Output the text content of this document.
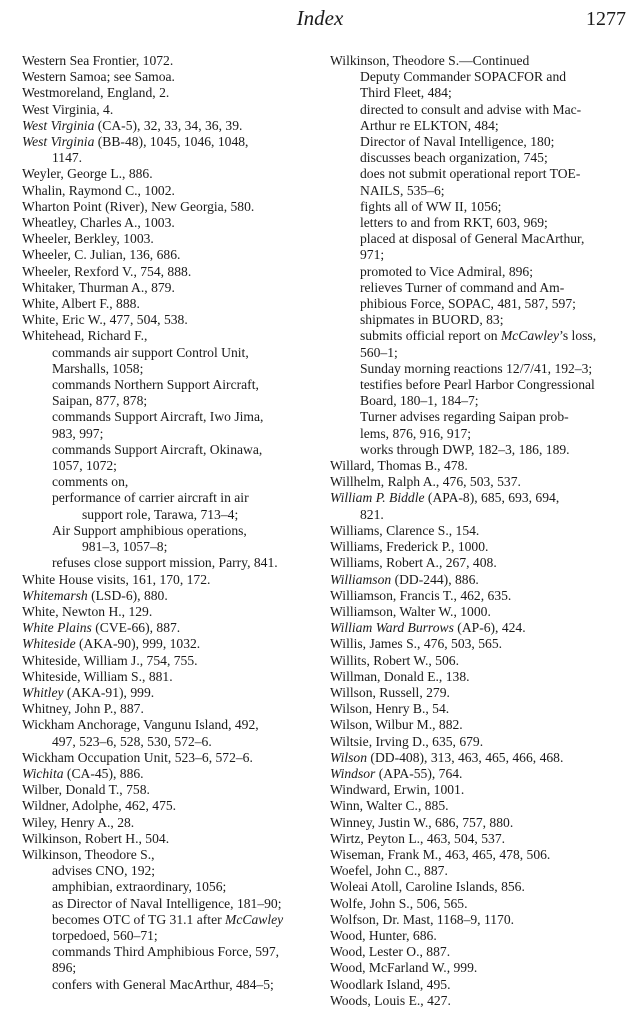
Index	1277
Western Sea Frontier, 1072.
Western Samoa; see Samoa.
Westmoreland, England, 2.
West Virginia, 4.
West Virginia (CA-5), 32, 33, 34, 36, 39.
West Virginia (BB-48), 1045, 1046, 1048,
1147.
Weyler, George L., 886.
Whalin, Raymond C., 1002.
Wharton Point (River), New Georgia, 580.
Wheatley, Charles A., 1003.
Wheeler, Berkley, 1003.
Wheeler, C. Julian, 136, 686.
Wheeler, Rexford V., 754, 888.
Whitaker, Thurman A., 879.
White, Albert F., 888.
White, Eric W., 477, 504, 538.
Whitehead, Richard F.,
commands air support Control Unit,
Marshalls, 1058;
commands Northern Support Aircraft,
Saipan, 877, 878;
commands Support Aircraft, Iwo Jima,
983, 997;
commands Support Aircraft, Okinawa,
1057, 1072;
comments on,
performance of carrier aircraft in air
support role, Tarawa, 713–4;
Air Support amphibious operations,
981–3, 1057–8;
refuses close support mission, Parry, 841.
White House visits, 161, 170, 172.
Whitemarsh (LSD-6), 880.
White, Newton H., 129.
White Plains (CVE-66), 887.
Whiteside (AKA-90), 999, 1032.
Whiteside, William J., 754, 755.
Whiteside, William S., 881.
Whitley (AKA-91), 999.
Whitney, John P., 887.
Wickham Anchorage, Vangunu Island, 492,
497, 523–6, 528, 530, 572–6.
Wickham Occupation Unit, 523–6, 572–6.
Wichita (CA-45), 886.
Wilber, Donald T., 758.
Wildner, Adolphe, 462, 475.
Wiley, Henry A., 28.
Wilkinson, Robert H., 504.
Wilkinson, Theodore S.,
advises CNO, 192;
amphibian, extraordinary, 1056;
as Director of Naval Intelligence, 181–90;
becomes OTC of TG 31.1 after McCawley
torpedoed, 560–71;
commands Third Amphibious Force, 597,
896;
confers with General MacArthur, 484–5;
Wilkinson, Theodore S.—Continued
Deputy Commander SOPACFOR and
Third Fleet, 484;
directed to consult and advise with Mac-
Arthur re ELKTON, 484;
Director of Naval Intelligence, 180;
discusses beach organization, 745;
does not submit operational report TOE-
NAILS, 535–6;
fights all of WW II, 1056;
letters to and from RKT, 603, 969;
placed at disposal of General MacArthur,
971;
promoted to Vice Admiral, 896;
relieves Turner of command and Am-
phibious Force, SOPAC, 481, 587, 597;
shipmates in BUORD, 83;
submits official report on McCawley’s loss,
560–1;
Sunday morning reactions 12/7/41, 192–3;
testifies before Pearl Harbor Congressional
Board, 180–1, 184–7;
Turner advises regarding Saipan prob-
lems, 876, 916, 917;
works through DWP, 182–3, 186, 189.
Willard, Thomas B., 478.
Willhelm, Ralph A., 476, 503, 537.
William P. Biddle (APA-8), 685, 693, 694,
821.
Williams, Clarence S., 154.
Williams, Frederick P., 1000.
Williams, Robert A., 267, 408.
Williamson (DD-244), 886.
Williamson, Francis T., 462, 635.
Williamson, Walter W., 1000.
William Ward Burrows (AP-6), 424.
Willis, James S., 476, 503, 565.
Willits, Robert W., 506.
Willman, Donald E., 138.
Willson, Russell, 279.
Wilson, Henry B., 54.
Wilson, Wilbur M., 882.
Wiltsie, Irving D., 635, 679.
Wilson (DD-408), 313, 463, 465, 466, 468.
Windsor (APA-55), 764.
Windward, Erwin, 1001.
Winn, Walter C., 885.
Winney, Justin W., 686, 757, 880.
Wirtz, Peyton L., 463, 504, 537.
Wiseman, Frank M., 463, 465, 478, 506.
Woefel, John C., 887.
Woleai Atoll, Caroline Islands, 856.
Wolfe, John S., 506, 565.
Wolfson, Dr. Mast, 1168–9, 1170.
Wood, Hunter, 686.
Wood, Lester O., 887.
Wood, McFarland W., 999.
Woodlark Island, 495.
Woods, Louis E., 427.
